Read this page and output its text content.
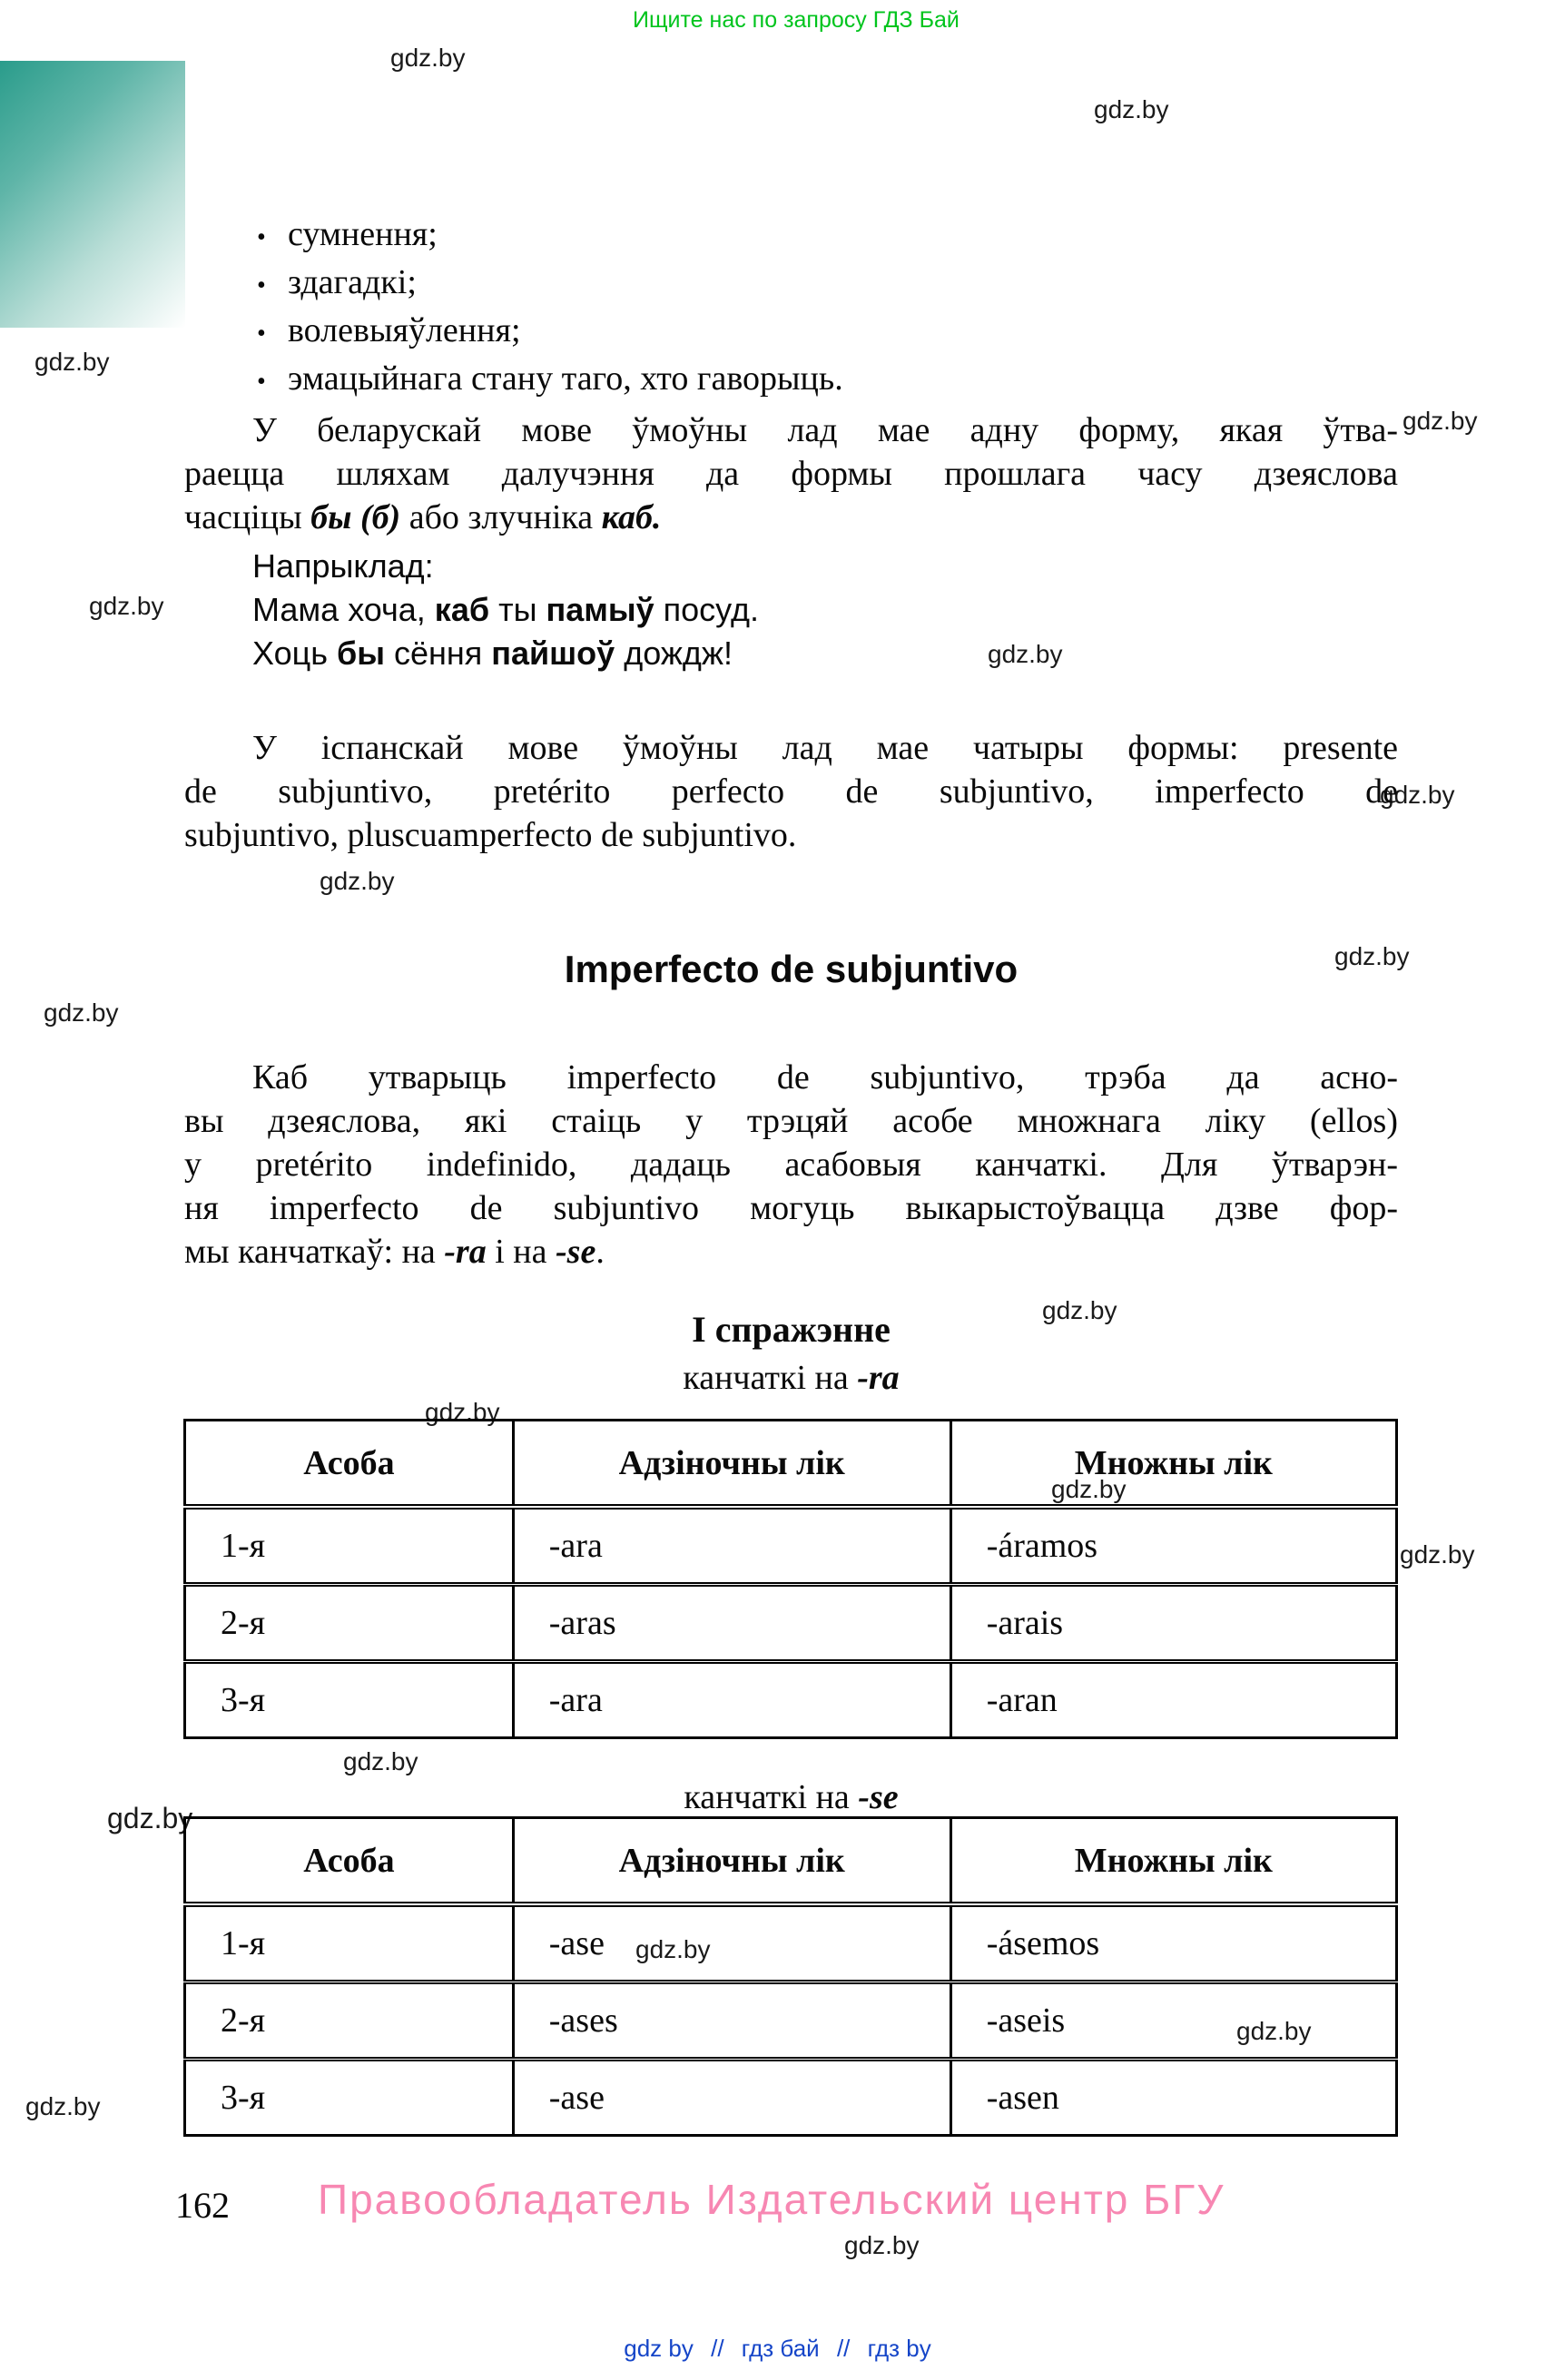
Ищите нас по запросу ГДЗ Бай
gdz.by
gdz.by
gdz.by
gdz.by
gdz.by
gdz.by
gdz.by
gdz.by
gdz.by
gdz.by
gdz.by
gdz.by
gdz.by
gdz.by
gdz.by
gdz.by
gdz.by
gdz.by
gdz.by
gdz.by
• сумнення;
• здагадкі;
• волевыяўлення;
• эмацыйнага стану таго, хто гаворыць.
У беларускай мове ўмоўны лад мае адну форму, якая ўтва-
раецца шляхам далучэння да формы прошлага часу дзеяслова
часціцы бы (б) або злучніка каб.
Напрыклад:
Мама хоча, каб ты памыў посуд.
Хоць бы сёння пайшоў дождж!
У іспанскай мове ўмоўны лад мае чатыры формы: presente
de subjuntivo, pretérito perfecto de subjuntivo, imperfecto de
subjuntivo, pluscuamperfecto de subjuntivo.
Imperfecto de subjuntivo
Каб утварыць imperfecto de subjuntivo, трэба да асно-
вы дзеяслова, які стаіць у трэцяй асобе множнага ліку (ellos)
у pretérito indefinido, дадаць асабовыя канчаткі. Для ўтварэн-
ня imperfecto de subjuntivo могуць выкарыстоўвацца дзве фор-
мы канчаткаў: на -ra і на -se.
І спражэнне
канчаткі на -ra
Асоба	Адзіночны лік	Множны лік
1-я	-ara	-áramos
2-я	-aras	-arais
3-я	-ara	-aran
канчаткі на -se
Асоба	Адзіночны лік	Множны лік
1-я	-ase	-ásemos
2-я	-ases	-aseis
3-я	-ase	-asen
162 Правообладатель Издательский центр БГУ
gdz by // гдз бай // гдз by
